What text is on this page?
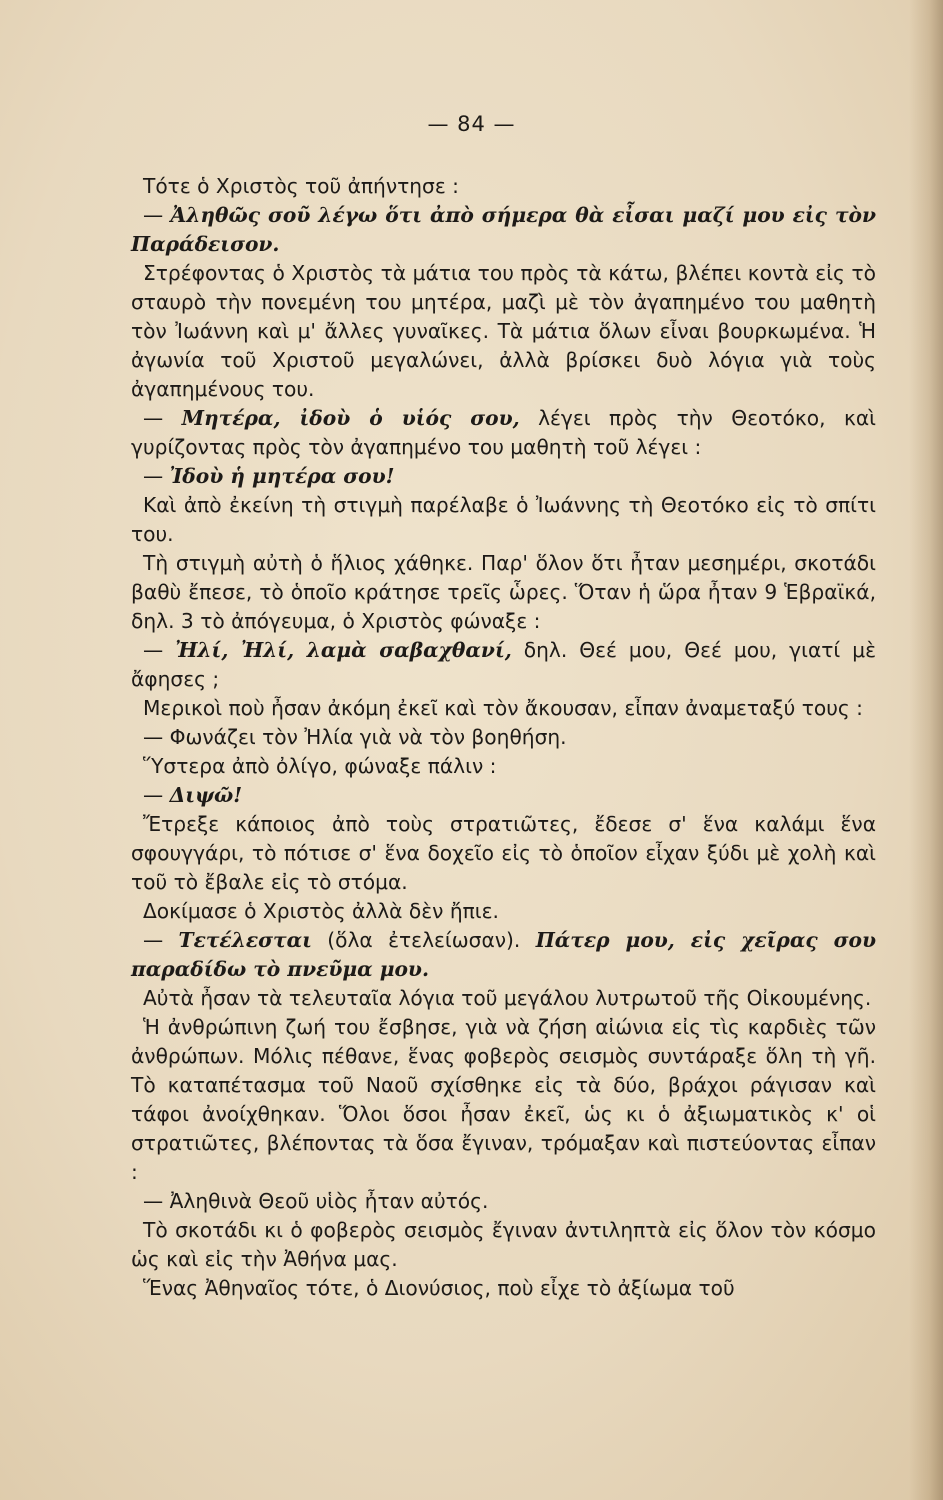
— 84 —

Τότε ὁ Χριστὸς τοῦ ἀπήντησε :

— Ἀληθῶς σοῦ λέγω ὅτι ἀπὸ σήμερα θὰ εἶσαι μαζί μου εἰς τὸν Παράδεισον.

Στρέφοντας ὁ Χριστὸς τὰ μάτια του πρὸς τὰ κάτω, βλέπει κοντὰ εἰς τὸ σταυρὸ τὴν πονεμένη του μητέρα, μαζὶ μὲ τὸν ἀγαπημένο του μαθητὴ τὸν Ἰωάννη καὶ μ' ἄλλες γυναῖκες. Τὰ μάτια ὅλων εἶναι βουρκωμένα. Ἡ ἀγωνία τοῦ Χριστοῦ μεγαλώνει, ἀλλὰ βρίσκει δυὸ λόγια γιὰ τοὺς ἀγαπημένους του.

— Μητέρα, ἰδοὺ ὁ υἱός σου, λέγει πρὸς τὴν Θεοτόκο, καὶ γυρίζοντας πρὸς τὸν ἀγαπημένο του μαθητὴ τοῦ λέγει :

— Ἰδοὺ ἡ μητέρα σου!

Καὶ ἀπὸ ἐκείνη τὴ στιγμὴ παρέλαβε ὁ Ἰωάννης τὴ Θεοτόκο εἰς τὸ σπίτι του.

Τὴ στιγμὴ αὐτὴ ὁ ἥλιος χάθηκε. Παρ' ὅλον ὅτι ἦταν μεσημέρι, σκοτάδι βαθὺ ἔπεσε, τὸ ὁποῖο κράτησε τρεῖς ὧρες. Ὅταν ἡ ὥρα ἦταν 9 Ἑβραϊκά, δηλ. 3 τὸ ἀπόγευμα, ὁ Χριστὸς φώναξε :

— Ἠλί, Ἠλί, λαμὰ σαβαχθανί, δηλ. Θεέ μου, Θεέ μου, γιατί μὲ ἄφησες ;

Μερικοὶ ποὺ ἦσαν ἀκόμη ἐκεῖ καὶ τὸν ἄκουσαν, εἶπαν ἀναμεταξύ τους :

— Φωνάζει τὸν Ἠλία γιὰ νὰ τὸν βοηθήση.

Ὕστερα ἀπὸ ὀλίγο, φώναξε πάλιν :

— Διψῶ!

Ἔτρεξε κάποιος ἀπὸ τοὺς στρατιῶτες, ἔδεσε σ' ἕνα καλάμι ἕνα σφουγγάρι, τὸ πότισε σ' ἕνα δοχεῖο εἰς τὸ ὁποῖον εἶχαν ξύδι μὲ χολὴ καὶ τοῦ τὸ ἔβαλε εἰς τὸ στόμα.

Δοκίμασε ὁ Χριστὸς ἀλλὰ δὲν ἤπιε.

— Τετέλεσται (ὅλα ἐτελείωσαν). Πάτερ μου, εἰς χεῖρας σου παραδίδω τὸ πνεῦμα μου.

Αὐτὰ ἦσαν τὰ τελευταῖα λόγια τοῦ μεγάλου λυτρωτοῦ τῆς Οἰκουμένης.

Ἡ ἀνθρώπινη ζωή του ἔσβησε, γιὰ νὰ ζήση αἰώνια εἰς τὶς καρδιὲς τῶν ἀνθρώπων. Μόλις πέθανε, ἕνας φοβερὸς σεισμὸς συντάραξε ὅλη τὴ γῆ. Τὸ καταπέτασμα τοῦ Ναοῦ σχίσθηκε εἰς τὰ δύο, βράχοι ράγισαν καὶ τάφοι ἀνοίχθηκαν. Ὅλοι ὅσοι ἦσαν ἐκεῖ, ὡς κι ὁ ἀξιωματικὸς κ' οἱ στρατιῶτες, βλέποντας τὰ ὅσα ἔγιναν, τρόμαξαν καὶ πιστεύοντας εἶπαν :

— Ἀληθινὰ Θεοῦ υἱὸς ἦταν αὐτός.

Τὸ σκοτάδι κι ὁ φοβερὸς σεισμὸς ἔγιναν ἀντιληπτὰ εἰς ὅλον τὸν κόσμο ὡς καὶ εἰς τὴν Ἀθήνα μας.

Ἕνας Ἀθηναῖος τότε, ὁ Διονύσιος, ποὺ εἶχε τὸ ἀξίωμα τοῦ
